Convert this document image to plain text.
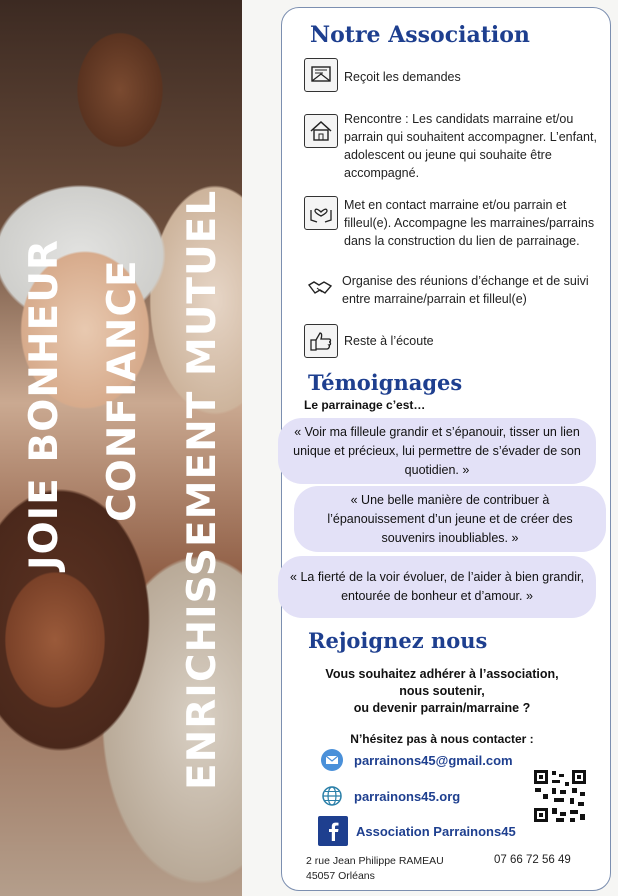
JOIE BONHEUR CONFIANCE ENRICHISSEMENT MUTUEL
Notre Association
Reçoit les demandes
Rencontre : Les candidats marraine et/ou parrain qui souhaitent accompagner. L’enfant, adolescent ou jeune qui souhaite être accompagné.
Met en contact marraine et/ou parrain et filleul(e). Accompagne les marraines/parrains dans la construction du lien de parrainage.
Organise des réunions d’échange et de suivi entre marraine/parrain et filleul(e)
Reste à l’écoute
Témoignages
Le parrainage c’est…
« Voir ma filleule grandir et s’épanouir, tisser un lien unique et précieux, lui permettre de s’évader de son quotidien. »
« Une belle manière de contribuer à l’épanouissement d’un jeune et de créer des souvenirs inoubliables. »
« La fierté de la voir évoluer, de l’aider à bien grandir, entourée de bonheur et d’amour. »
Rejoignez nous
Vous souhaitez adhérer à l’association,
nous soutenir,
ou devenir parrain/marraine ?
N’hésitez pas à nous contacter :
parrainons45@gmail.com
parrainons45.org
Association Parrainons45
2 rue Jean Philippe RAMEAU
45057 Orléans
07 66 72 56 49
